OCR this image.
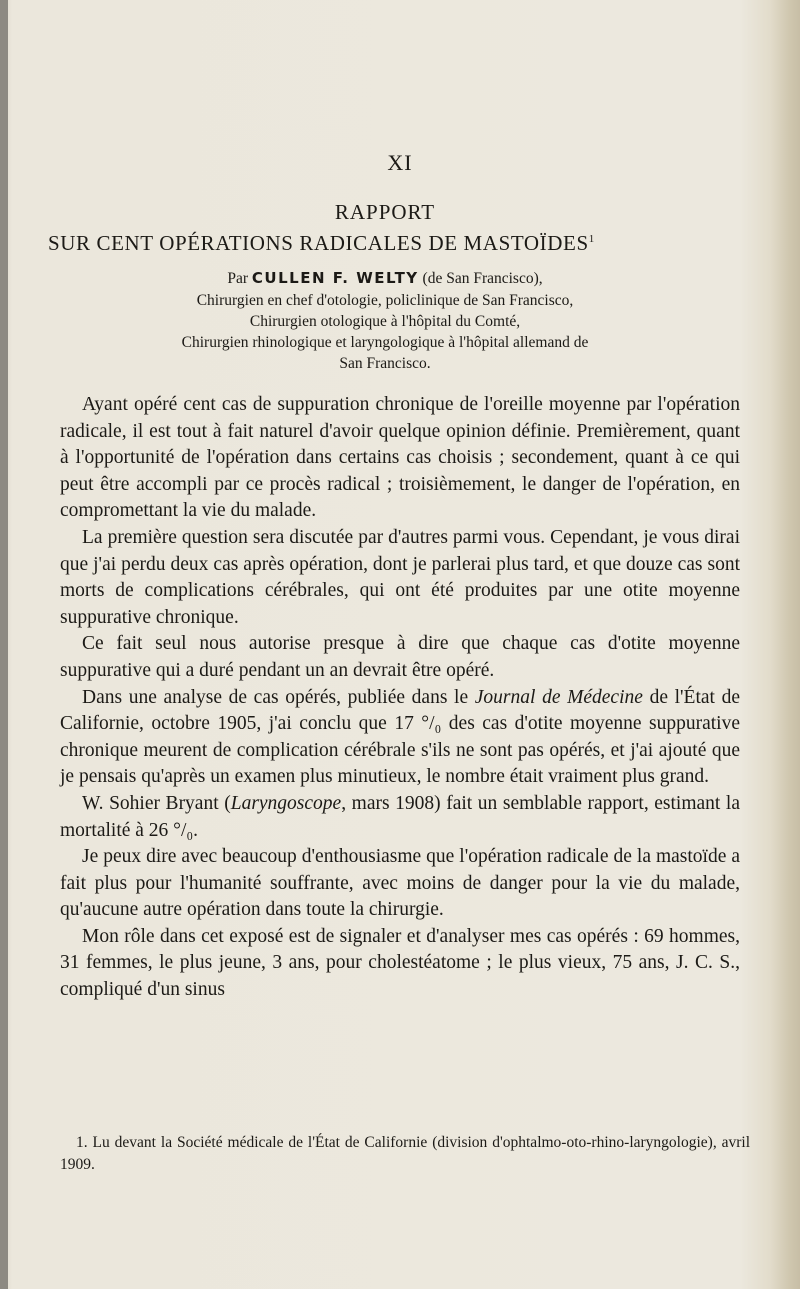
XI
RAPPORT
SUR CENT OPÉRATIONS RADICALES DE MASTOÏDES$^1$
Par CULLEN F. WELTY (de San Francisco),
Chirurgien en chef d'otologie, policlinique de San Francisco,
Chirurgien otologique à l'hôpital du Comté,
Chirurgien rhinologique et laryngologique à l'hôpital allemand de
San Francisco.

Ayant opéré cent cas de suppuration chronique de l'oreille moyenne par l'opération radicale, il est tout à fait naturel d'avoir quelque opinion définie. Premièrement, quant à l'opportunité de l'opération dans certains cas choisis ; secondement, quant à ce qui peut être accompli par ce procès radical ; troisièmement, le danger de l'opération, en compromettant la vie du malade.

La première question sera discutée par d'autres parmi vous. Cependant, je vous dirai que j'ai perdu deux cas après opération, dont je parlerai plus tard, et que douze cas sont morts de complications cérébrales, qui ont été produites par une otite moyenne suppurative chronique.

Ce fait seul nous autorise presque à dire que chaque cas d'otite moyenne suppurative qui a duré pendant un an devrait être opéré.

Dans une analyse de cas opérés, publiée dans le Journal de Médecine de l'État de Californie, octobre 1905, j'ai conclu que 17 °/₀ des cas d'otite moyenne suppurative chronique meurent de complication cérébrale s'ils ne sont pas opérés, et j'ai ajouté que je pensais qu'après un examen plus minutieux, le nombre était vraiment plus grand.

W. Sohier Bryant (Laryngoscope, mars 1908) fait un semblable rapport, estimant la mortalité à 26 °/₀.

Je peux dire avec beaucoup d'enthousiasme que l'opération radicale de la mastoïde a fait plus pour l'humanité souffrante, avec moins de danger pour la vie du malade, qu'aucune autre opération dans toute la chirurgie.

Mon rôle dans cet exposé est de signaler et d'analyser mes cas opérés : 69 hommes, 31 femmes, le plus jeune, 3 ans, pour cholestéatome ; le plus vieux, 75 ans, J. C. S., compliqué d'un sinus

1. Lu devant la Société médicale de l'État de Californie (division d'ophtalmo-oto-rhino-laryngologie), avril 1909.
